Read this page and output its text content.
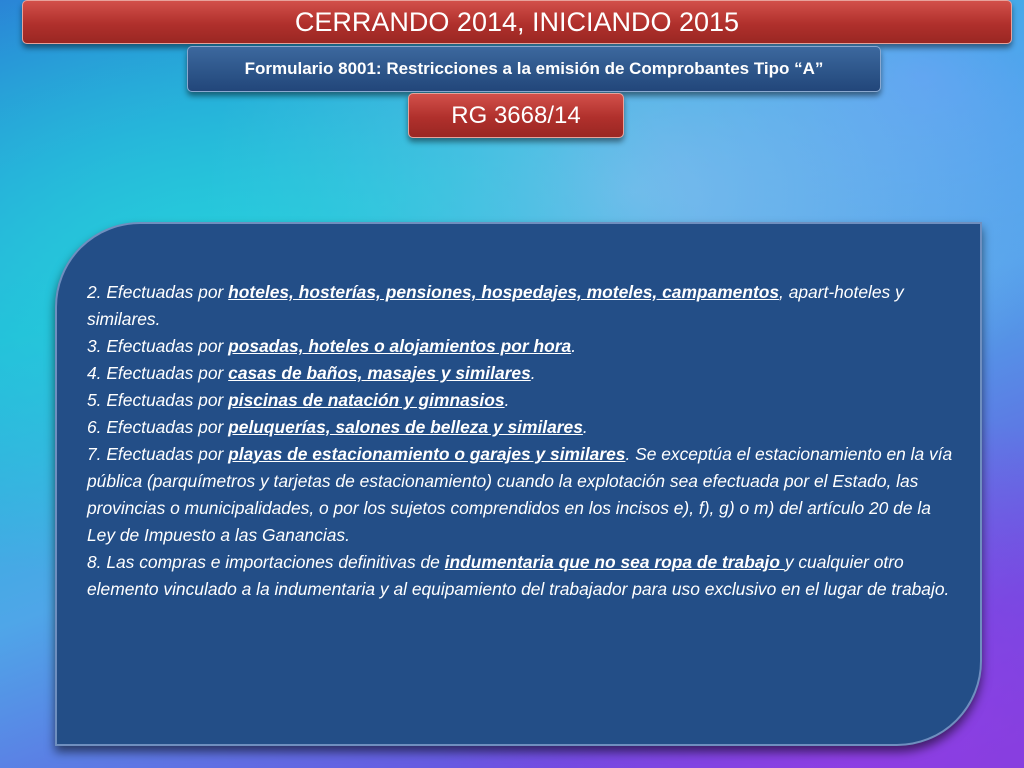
CERRANDO 2014, INICIANDO 2015
Formulario 8001: Restricciones a la emisión de Comprobantes Tipo “A”
RG 3668/14

2. Efectuadas por hoteles, hosterías, pensiones, hospedajes, moteles, campamentos, apart-hoteles y similares.

3. Efectuadas por posadas, hoteles o alojamientos por hora.

4. Efectuadas por casas de baños, masajes y similares.

5. Efectuadas por piscinas de natación y gimnasios.

6. Efectuadas por peluquerías, salones de belleza y similares.

7. Efectuadas por playas de estacionamiento o garajes y similares. Se exceptúa el estacionamiento en la vía pública (parquímetros y tarjetas de estacionamiento) cuando la explotación sea efectuada por el Estado, las provincias o municipalidades, o por los sujetos comprendidos en los incisos e), f), g) o m) del artículo 20 de la Ley de Impuesto a las Ganancias.

8. Las compras e importaciones definitivas de indumentaria que no sea ropa de trabajo y cualquier otro elemento vinculado a la indumentaria y al equipamiento del trabajador para uso exclusivo en el lugar de trabajo.
